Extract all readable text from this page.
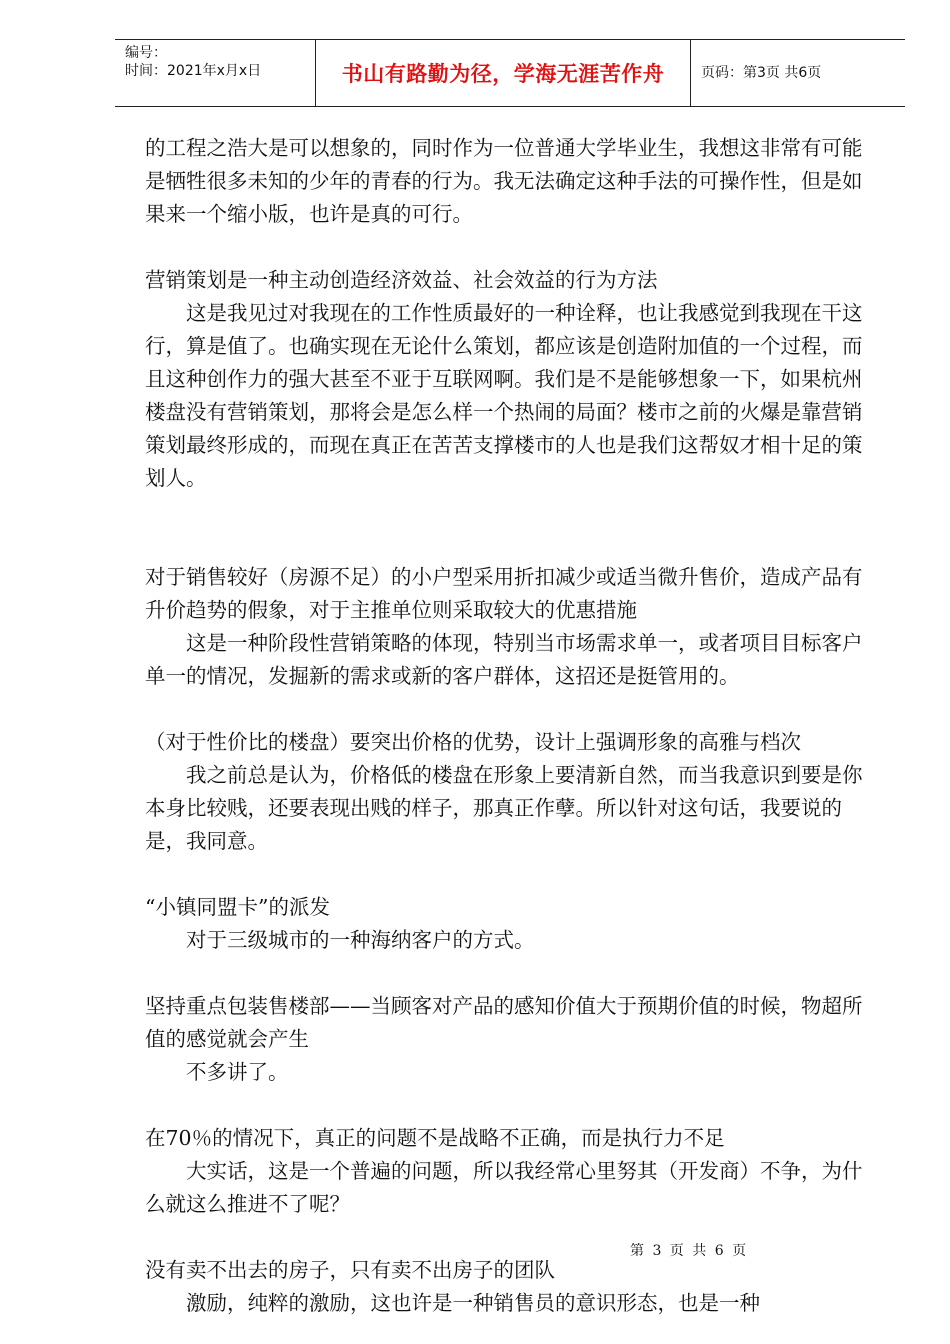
编号：
时间：2021年x月x日	书山有路勤为径，学海无涯苦作舟	页码：第3页 共6页

的工程之浩大是可以想象的，同时作为一位普通大学毕业生，我想这非常有可能是牺牲很多未知的少年的青春的行为。我无法确定这种手法的可操作性，但是如果来一个缩小版，也许是真的可行。

营销策划是一种主动创造经济效益、社会效益的行为方法

这是我见过对我现在的工作性质最好的一种诠释，也让我感觉到我现在干这行，算是值了。也确实现在无论什么策划，都应该是创造附加值的一个过程，而且这种创作力的强大甚至不亚于互联网啊。我们是不是能够想象一下，如果杭州楼盘没有营销策划，那将会是怎么样一个热闹的局面？楼市之前的火爆是靠营销策划最终形成的，而现在真正在苦苦支撑楼市的人也是我们这帮奴才相十足的策划人。

对于销售较好（房源不足）的小户型采用折扣减少或适当微升售价，造成产品有升价趋势的假象，对于主推单位则采取较大的优惠措施

这是一种阶段性营销策略的体现，特别当市场需求单一，或者项目目标客户单一的情况，发掘新的需求或新的客户群体，这招还是挺管用的。

（对于性价比的楼盘）要突出价格的优势，设计上强调形象的高雅与档次

我之前总是认为，价格低的楼盘在形象上要清新自然，而当我意识到要是你本身比较贱，还要表现出贱的样子，那真正作孽。所以针对这句话，我要说的是，我同意。

“小镇同盟卡”的派发

对于三级城市的一种海纳客户的方式。

坚持重点包装售楼部——当顾客对产品的感知价值大于预期价值的时候，物超所值的感觉就会产生

不多讲了。

在70％的情况下，真正的问题不是战略不正确，而是执行力不足

大实话，这是一个普遍的问题，所以我经常心里努其（开发商）不争，为什么就这么推进不了呢？

没有卖不出去的房子，只有卖不出房子的团队

激励，纯粹的激励，这也许是一种销售员的意识形态，也是一种

第 3 页 共 6 页
